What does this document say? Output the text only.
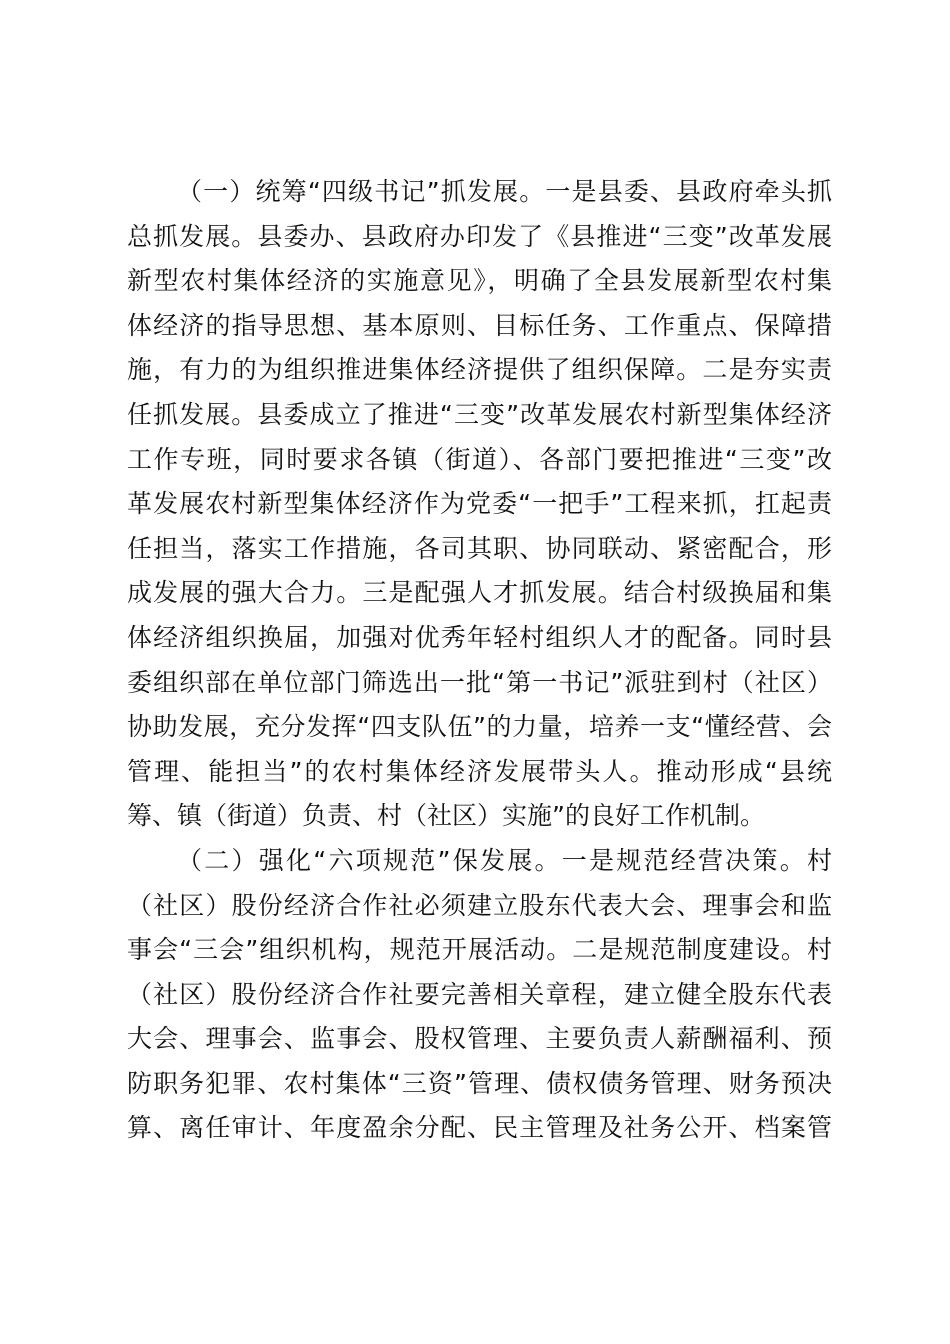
（一）统筹“四级书记”抓发展。一是县委、县政府牵头抓
总抓发展。县委办、县政府办印发了《县推进“三变”改革发展
新型农村集体经济的实施意见》，明确了全县发展新型农村集
体经济的指导思想、基本原则、目标任务、工作重点、保障措
施，有力的为组织推进集体经济提供了组织保障。二是夯实责
任抓发展。县委成立了推进“三变”改革发展农村新型集体经济
工作专班，同时要求各镇（街道）、各部门要把推进“三变”改
革发展农村新型集体经济作为党委“一把手”工程来抓，扛起责
任担当，落实工作措施，各司其职、协同联动、紧密配合，形
成发展的强大合力。三是配强人才抓发展。结合村级换届和集
体经济组织换届，加强对优秀年轻村组织人才的配备。同时县
委组织部在单位部门筛选出一批“第一书记”派驻到村（社区）
协助发展，充分发挥“四支队伍”的力量，培养一支“懂经营、会
管理、能担当”的农村集体经济发展带头人。推动形成“县统
筹、镇（街道）负责、村（社区）实施”的良好工作机制。
（二）强化“六项规范”保发展。一是规范经营决策。村
（社区）股份经济合作社必须建立股东代表大会、理事会和监
事会“三会”组织机构，规范开展活动。二是规范制度建设。村
（社区）股份经济合作社要完善相关章程，建立健全股东代表
大会、理事会、监事会、股权管理、主要负责人薪酬福利、预
防职务犯罪、农村集体“三资”管理、债权债务管理、财务预决
算、离任审计、年度盈余分配、民主管理及社务公开、档案管
